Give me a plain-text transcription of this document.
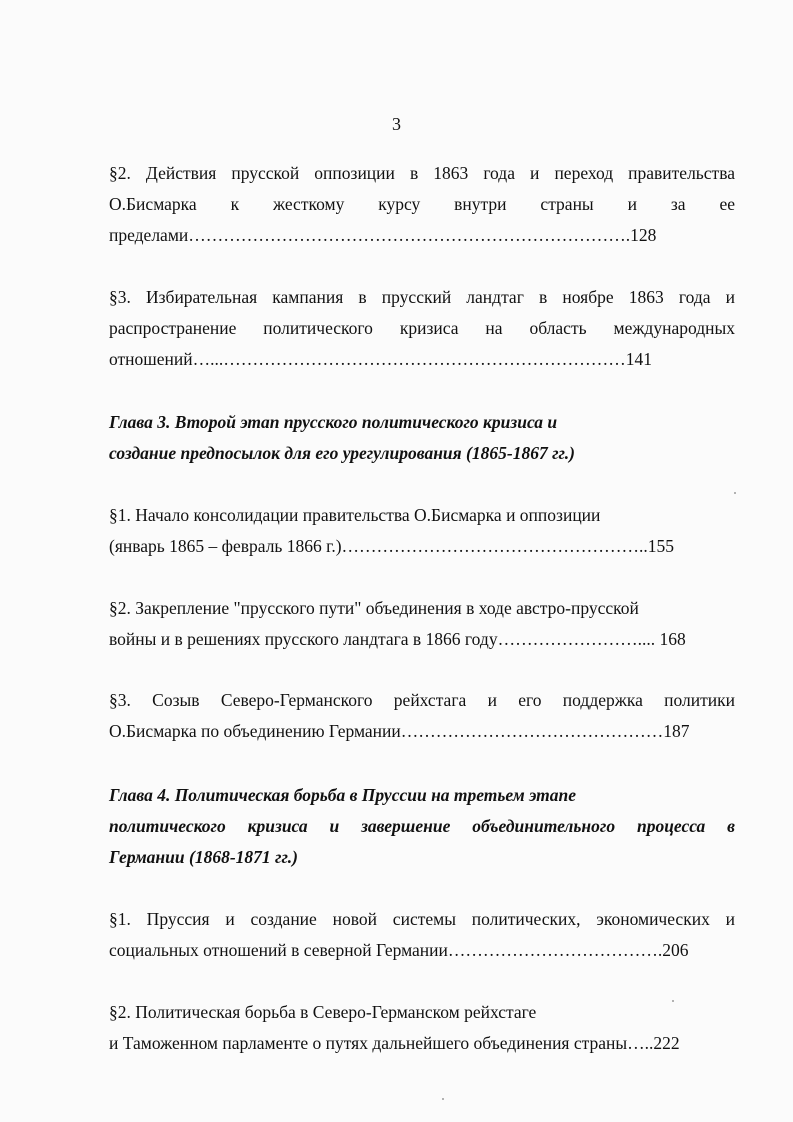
3
§2. Действия прусской оппозиции в 1863 года и переход правительства
О.Бисмарка к жесткому курсу внутри страны и за ее
пределами………………………………………………………………….128
§3. Избирательная кампания в прусский ландтаг в ноябре 1863 года и
распространение политического кризиса на область международных
отношений…...……………………………………………………………141
Глава 3. Второй этап прусского политического кризиса и
создание предпосылок для его урегулирования (1865-1867 гг.)
§1. Начало консолидации правительства О.Бисмарка и оппозиции
(январь 1865 – февраль 1866 г.)……………………………………………..155
§2. Закрепление "прусского пути" объединения в ходе австро-прусской
войны и в решениях прусского ландтага в 1866 году…………………….... 168
§3. Созыв Северо-Германского рейхстага и его поддержка политики
О.Бисмарка по объединению Германии………………………………………187
Глава 4. Политическая борьба в Пруссии на третьем этапе
политического кризиса и завершение объединительного процесса в
Германии (1868-1871 гг.)
§1. Пруссия и создание новой системы политических, экономических и
социальных отношений в северной Германии……………………………….206
§2. Политическая борьба в Северо-Германском рейхстаге
и Таможенном парламенте о путях дальнейшего объединения страны…..222
